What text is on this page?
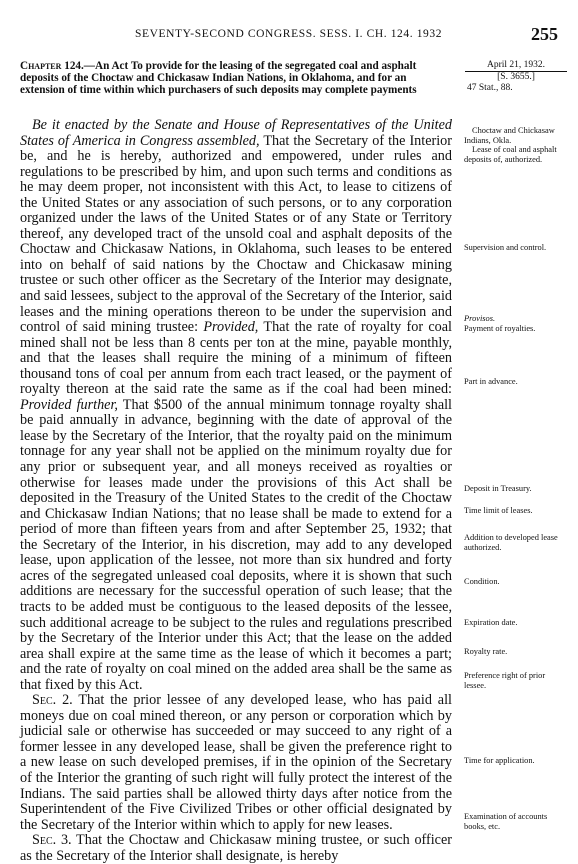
SEVENTY-SECOND CONGRESS. SESS. I. CH. 124. 1932	255
Chapter 124.—An Act To provide for the leasing of the segregated coal and asphalt deposits of the Choctaw and Chickasaw Indian Nations, in Oklahoma, and for an extension of time within which purchasers of such deposits may complete payments
April 21, 1932.
[S. 3655.]
47 Stat., 88.

Be it enacted by the Senate and House of Representatives of the United States of America in Congress assembled, That the Secretary of the Interior be, and he is hereby, authorized and empowered, under rules and regulations to be prescribed by him, and upon such terms and conditions as he may deem proper, not inconsistent with this Act, to lease to citizens of the United States or any association of such persons, or to any corporation organized under the laws of the United States or of any State or Territory thereof, any developed tract of the unsold coal and asphalt deposits of the Choctaw and Chickasaw Nations, in Oklahoma, such leases to be entered into on behalf of said nations by the Choctaw and Chickasaw mining trustee or such other officer as the Secretary of the Interior may designate, and said lessees, subject to the approval of the Secretary of the Interior, said leases and the mining operations thereon to be under the supervision and control of said mining trustee: Provided, That the rate of royalty for coal mined shall not be less than 8 cents per ton at the mine, payable monthly, and that the leases shall require the mining of a minimum of fifteen thousand tons of coal per annum from each tract leased, or the payment of royalty thereon at the said rate the same as if the coal had been mined: Provided further, That $500 of the annual minimum tonnage royalty shall be paid annually in advance, beginning with the date of approval of the lease by the Secretary of the Interior, that the royalty paid on the minimum tonnage for any year shall not be applied on the minimum royalty due for any prior or subsequent year, and all moneys received as royalties or otherwise for leases made under the provisions of this Act shall be deposited in the Treasury of the United States to the credit of the Choctaw and Chickasaw Indian Nations; that no lease shall be made to extend for a period of more than fifteen years from and after September 25, 1932; that the Secretary of the Interior, in his discretion, may add to any developed lease, upon application of the lessee, not more than six hundred and forty acres of the segregated unleased coal deposits, where it is shown that such additions are necessary for the successful operation of such lease; that the tracts to be added must be contiguous to the leased deposits of the lessee, such additional acreage to be subject to the rules and regulations prescribed by the Secretary of the Interior under this Act; that the lease on the added area shall expire at the same time as the lease of which it becomes a part; and the rate of royalty on coal mined on the added area shall be the same as that fixed by this Act.

Sec. 2. That the prior lessee of any developed lease, who has paid all moneys due on coal mined thereon, or any person or corporation which by judicial sale or otherwise has succeeded or may succeed to any right of a former lessee in any developed lease, shall be given the preference right to a new lease on such developed premises, if in the opinion of the Secretary of the Interior the granting of such right will fully protect the interest of the Indians. The said parties shall be allowed thirty days after notice from the Superintendent of the Five Civilized Tribes or other official designated by the Secretary of the Interior within which to apply for new leases.

Sec. 3. That the Choctaw and Chickasaw mining trustee, or such officer as the Secretary of the Interior shall designate, is hereby

Choctaw and Chickasaw Indians, Okla.
Lease of coal and asphalt deposits of, authorized.
Supervision and control.
Provisos.
Payment of royalties.
Part in advance.
Deposit in Treasury.
Time limit of leases.
Addition to developed lease authorized.
Condition.
Expiration date.
Royalty rate.
Preference right of prior lessee.
Time for application.
Examination of accounts books, etc.
